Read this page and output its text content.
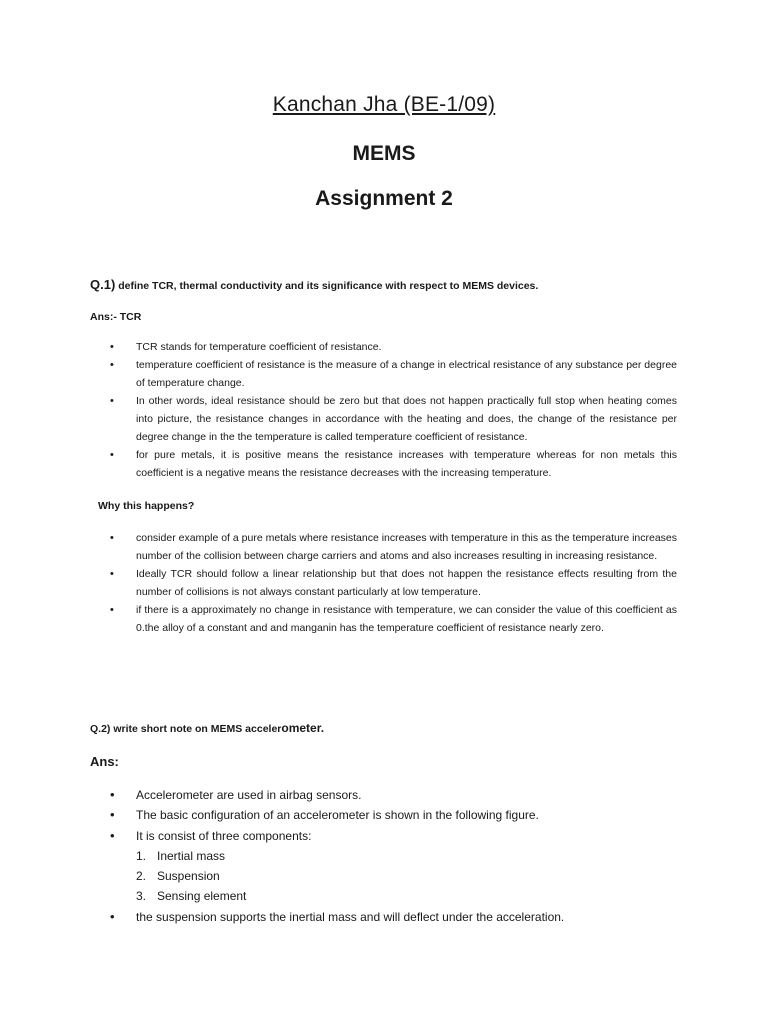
Kanchan Jha (BE-1/09)
MEMS
Assignment 2
Q.1) define TCR, thermal conductivity and its significance with respect to MEMS devices.
Ans:- TCR
• TCR stands for temperature coefficient of resistance.
• temperature coefficient of resistance is the measure of a change in electrical resistance of any substance per degree of temperature change.
• In other words, ideal resistance should be zero but that does not happen practically full stop when heating comes into picture, the resistance changes in accordance with the heating and does, the change of the resistance per degree change in the the temperature is called temperature coefficient of resistance.
• for pure metals, it is positive means the resistance increases with temperature whereas for non metals this coefficient is a negative means the resistance decreases with the increasing temperature.
Why this happens?
• consider example of a pure metals where resistance increases with temperature in this as the temperature increases number of the collision between charge carriers and atoms and also increases resulting in increasing resistance.
• Ideally TCR should follow a linear relationship but that does not happen the resistance effects resulting from the number of collisions is not always constant particularly at low temperature.
• if there is a approximately no change in resistance with temperature, we can consider the value of this coefficient as 0.the alloy of a constant and and manganin has the temperature coefficient of resistance nearly zero.
Q.2) write short note on MEMS accelerometer.
Ans:
• Accelerometer are used in airbag sensors.
• The basic configuration of an accelerometer is shown in the following figure.
• It is consist of three components:
1. Inertial mass
2. Suspension
3. Sensing element
• the suspension supports the inertial mass and will deflect under the acceleration.
